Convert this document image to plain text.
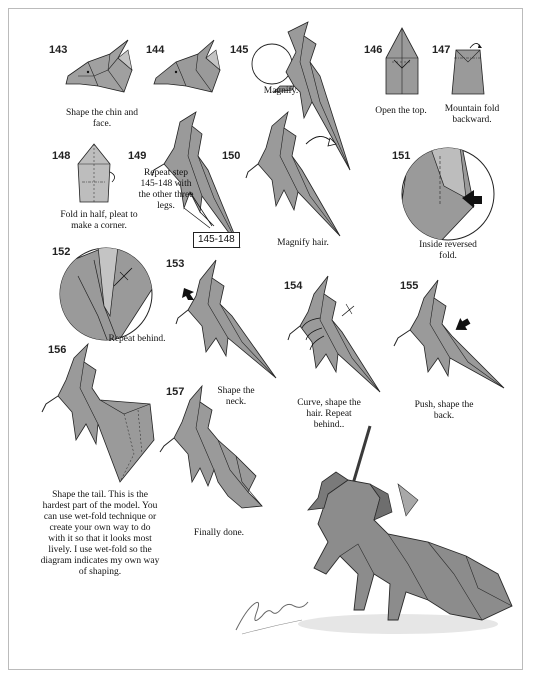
143
Shape the chin and face.
144	145
Magnify.
146
Open the top.
147
Mountain fold backward.
148
Fold in half, pleat to make a corner.
149
Repeat step 145-148 with the other three legs.
145-148
150
Magnify hair.
151
Inside reversed fold.
152
Repeat behind.
153
Shape the neck.
154
Curve, shape the hair. Repeat behind..
155
Push, shape the back.
156
Shape the tail. This is the hardest part of the model. You can use wet-fold technique or create your own way to do with it so that it looks most lively. I use wet-fold so the diagram indicates my own way of shaping.
157
Finally done.
